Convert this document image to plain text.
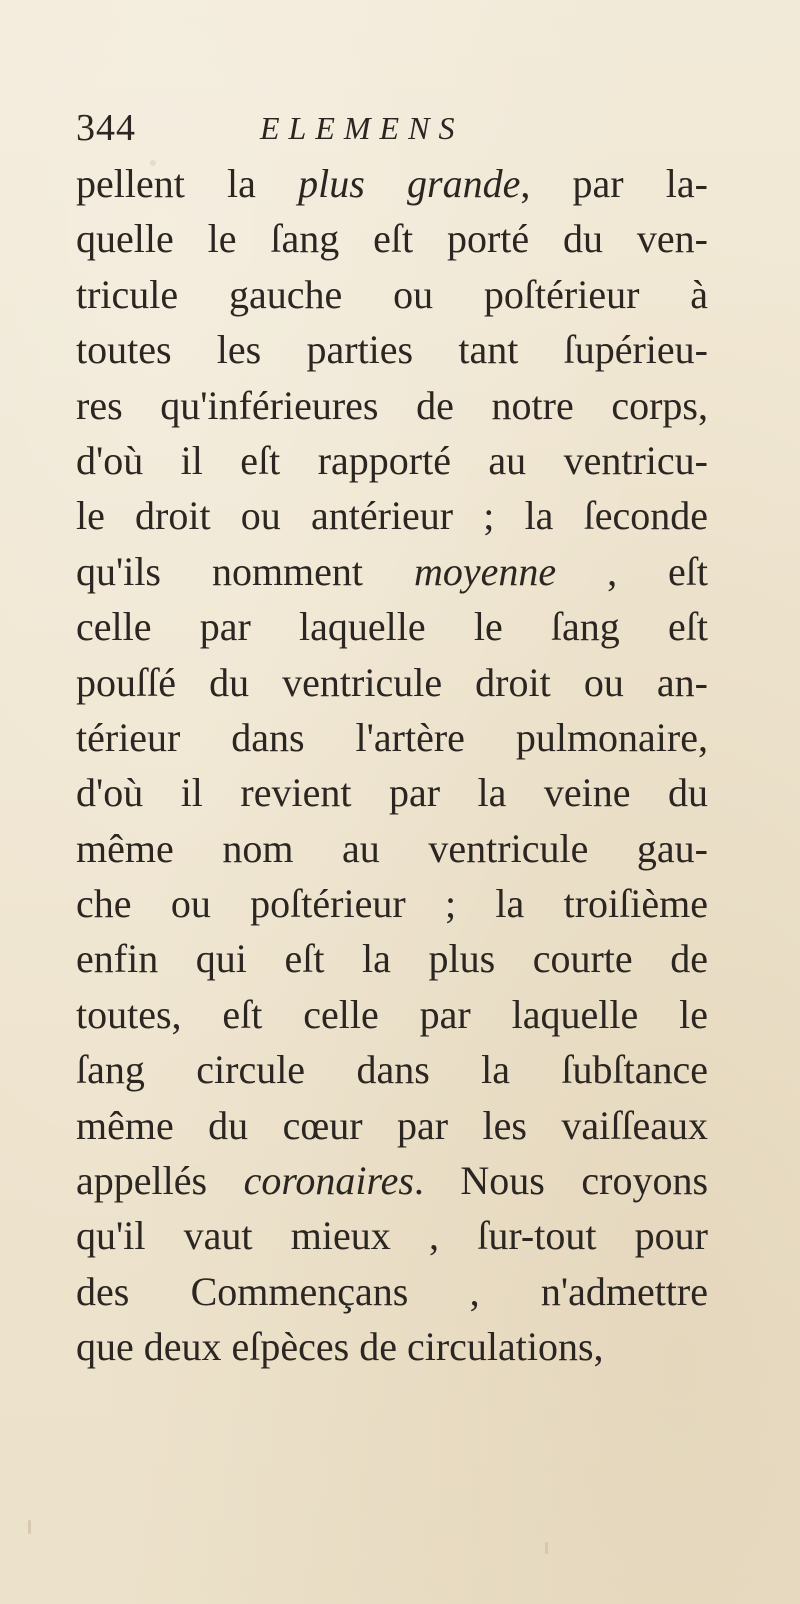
344	ELEMENS
pellent la plus grande, par la-
quelle le ſang eſt porté du ven-
tricule gauche ou poſtérieur à
toutes les parties tant ſupérieu-
res qu'inférieures de notre corps,
d'où il eſt rapporté au ventricu-
le droit ou antérieur ; la ſeconde
qu'ils nomment moyenne , eſt
celle par laquelle le ſang eſt
pouſſé du ventricule droit ou an-
térieur dans l'artère pulmonaire,
d'où il revient par la veine du
même nom au ventricule gau-
che ou poſtérieur ; la troiſième
enfin qui eſt la plus courte de
toutes, eſt celle par laquelle le
ſang circule dans la ſubſtance
même du cœur par les vaiſſeaux
appellés coronaires. Nous croyons
qu'il vaut mieux , ſur-tout pour
des Commençans , n'admettre
que deux eſpèces de circulations,
